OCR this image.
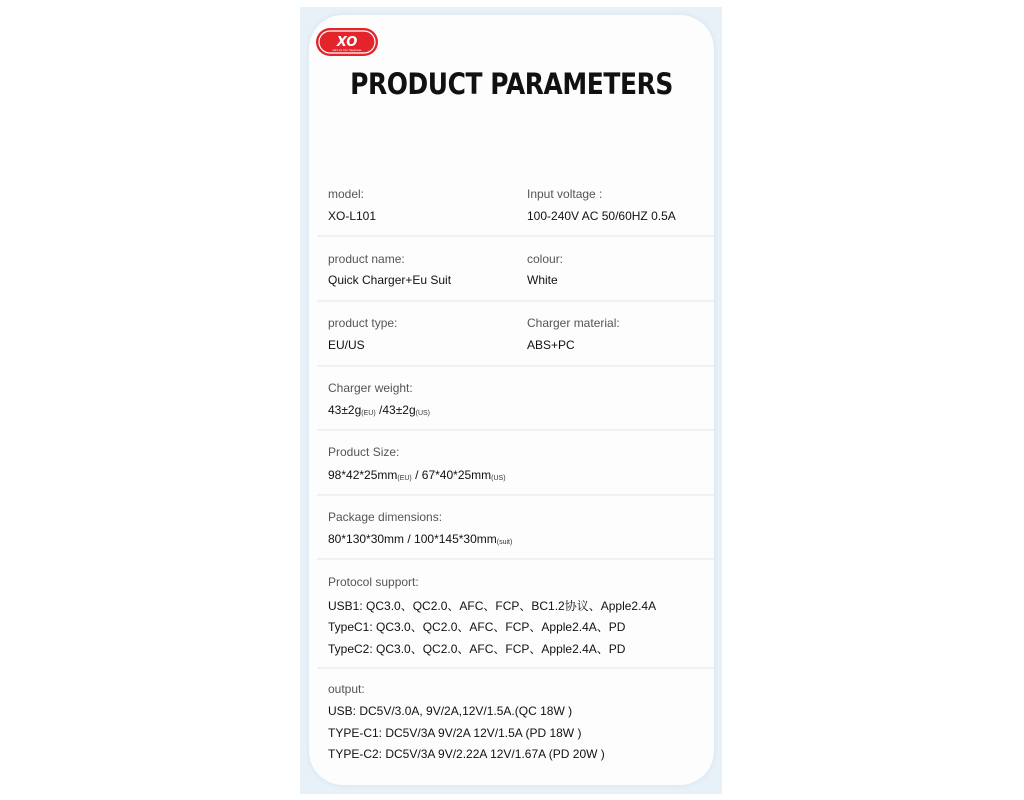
XO
Let's Go Your Happiness
PRODUCT PARAMETERS
model:
XO-L101
Input voltage :
100-240V AC 50/60HZ 0.5A
product name:
Quick Charger+Eu Suit
colour:
White
product type:
EU/US
Charger material:
ABS+PC
Charger weight:
$43\pm 2g_{(EU)}$ $/43\pm 2g_{(US)}$
Product Size:
$98*42*25mm_{(EU)} / 67*40*25mm_{(US)}$
Package dimensions:
$80*130*30mm / 100*145*30mm_{(suit)}$
Protocol support:
USB1: QC3.0、QC2.0、AFC、FCP、BC1.2协议、Apple2.4A
TypeC1: QC3.0、QC2.0、AFC、FCP、Apple2.4A、PD
TypeC2: QC3.0、QC2.0、AFC、FCP、Apple2.4A、PD
output:
USB: DC5V/3.0A, 9V/2A,12V/1.5A.(QC 18W )
TYPE-C1: DC5V/3A 9V/2A 12V/1.5A (PD 18W )
TYPE-C2: DC5V/3A 9V/2.22A 12V/1.67A (PD 20W )
